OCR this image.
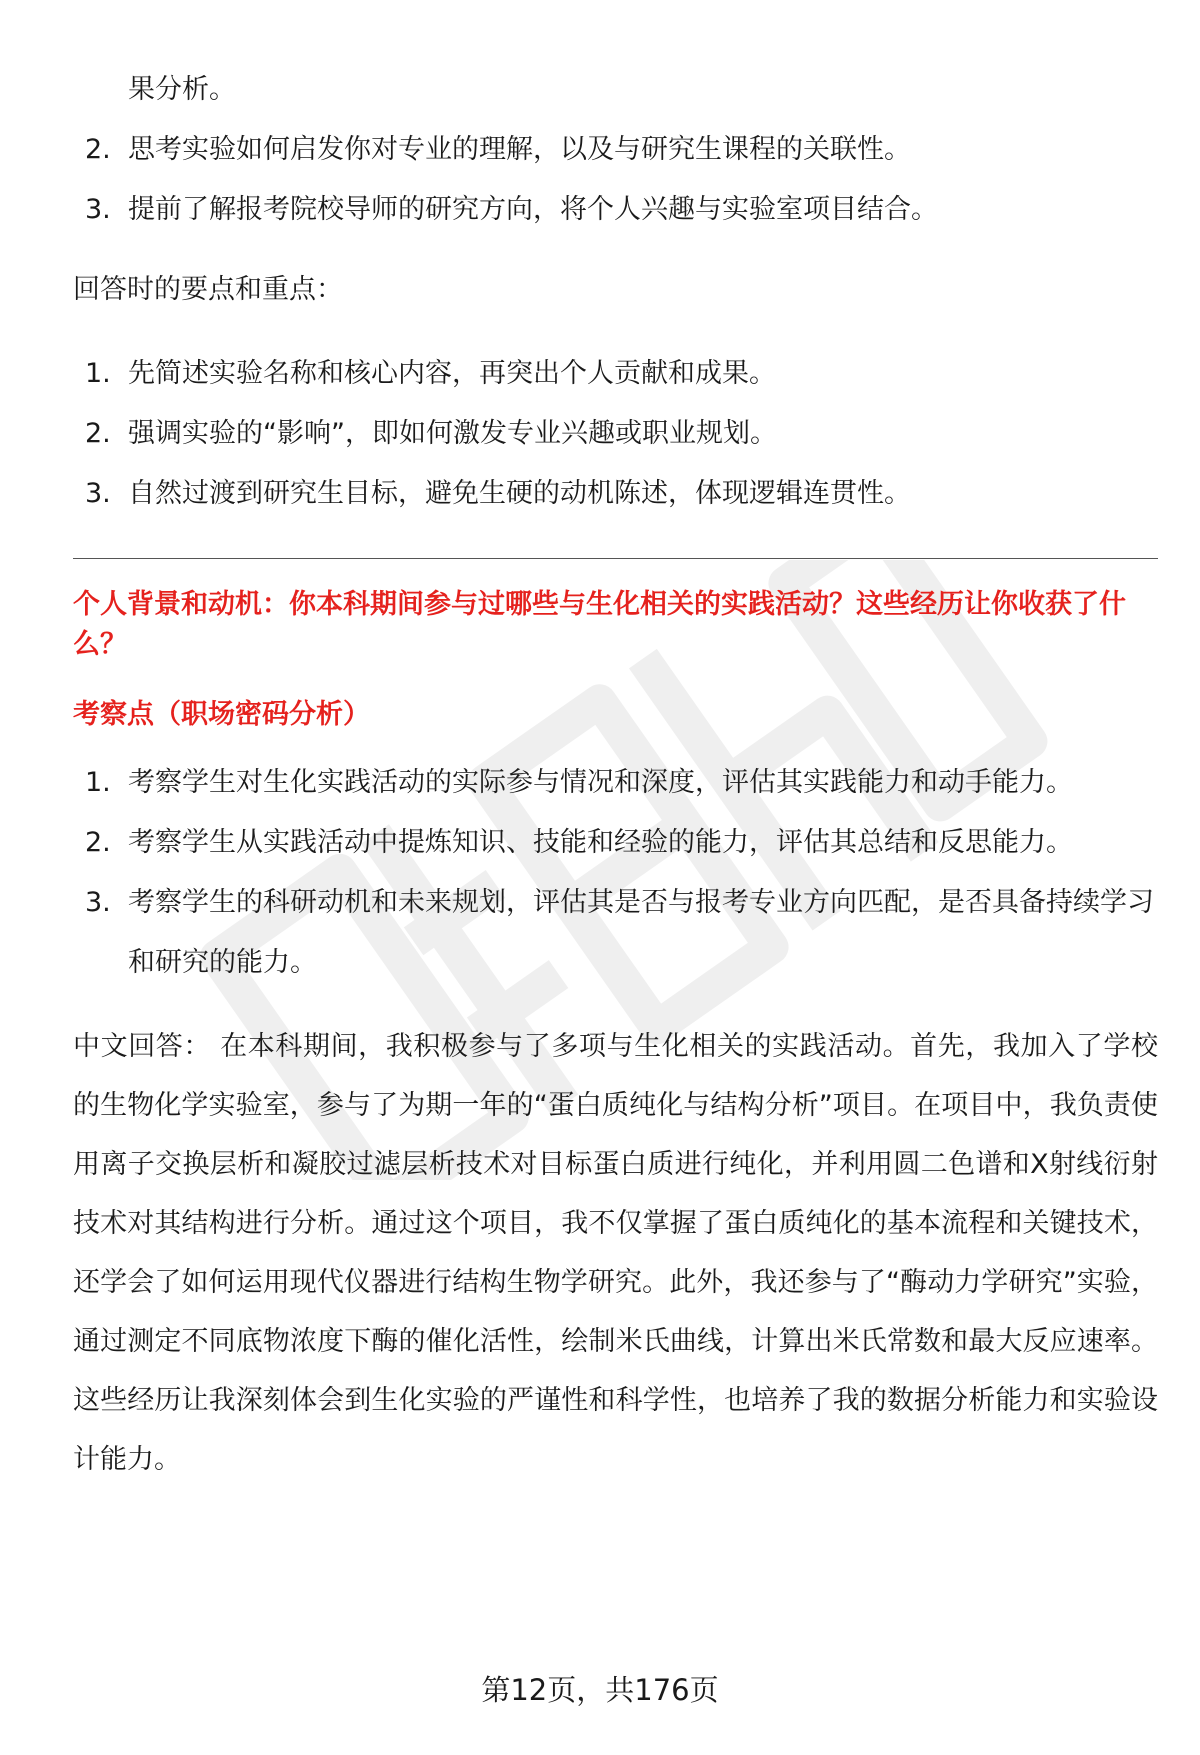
果分析。

2. 思考实验如何启发你对专业的理解，以及与研究生课程的关联性。
3. 提前了解报考院校导师的研究方向，将个人兴趣与实验室项目结合。

回答时的要点和重点：

1. 先简述实验名称和核心内容，再突出个人贡献和成果。
2. 强调实验的“影响”，即如何激发专业兴趣或职业规划。
3. 自然过渡到研究生目标，避免生硬的动机陈述，体现逻辑连贯性。

个人背景和动机：你本科期间参与过哪些与生化相关的实践活动？这些经历让你收获了什么？

考察点（职场密码分析）

1. 考察学生对生化实践活动的实际参与情况和深度，评估其实践能力和动手能力。
2. 考察学生从实践活动中提炼知识、技能和经验的能力，评估其总结和反思能力。
3. 考察学生的科研动机和未来规划，评估其是否与报考专业方向匹配，是否具备持续学习和研究的能力。

中文回答： 在本科期间，我积极参与了多项与生化相关的实践活动。首先，我加入了学校的生物化学实验室，参与了为期一年的“蛋白质纯化与结构分析”项目。在项目中，我负责使用离子交换层析和凝胶过滤层析技术对目标蛋白质进行纯化，并利用圆二色谱和X射线衍射技术对其结构进行分析。通过这个项目，我不仅掌握了蛋白质纯化的基本流程和关键技术，还学会了如何运用现代仪器进行结构生物学研究。此外，我还参与了“酶动力学研究”实验，通过测定不同底物浓度下酶的催化活性，绘制米氏曲线，计算出米氏常数和最大反应速率。这些经历让我深刻体会到生化实验的严谨性和科学性，也培养了我的数据分析能力和实验设计能力。

第12页，共176页
